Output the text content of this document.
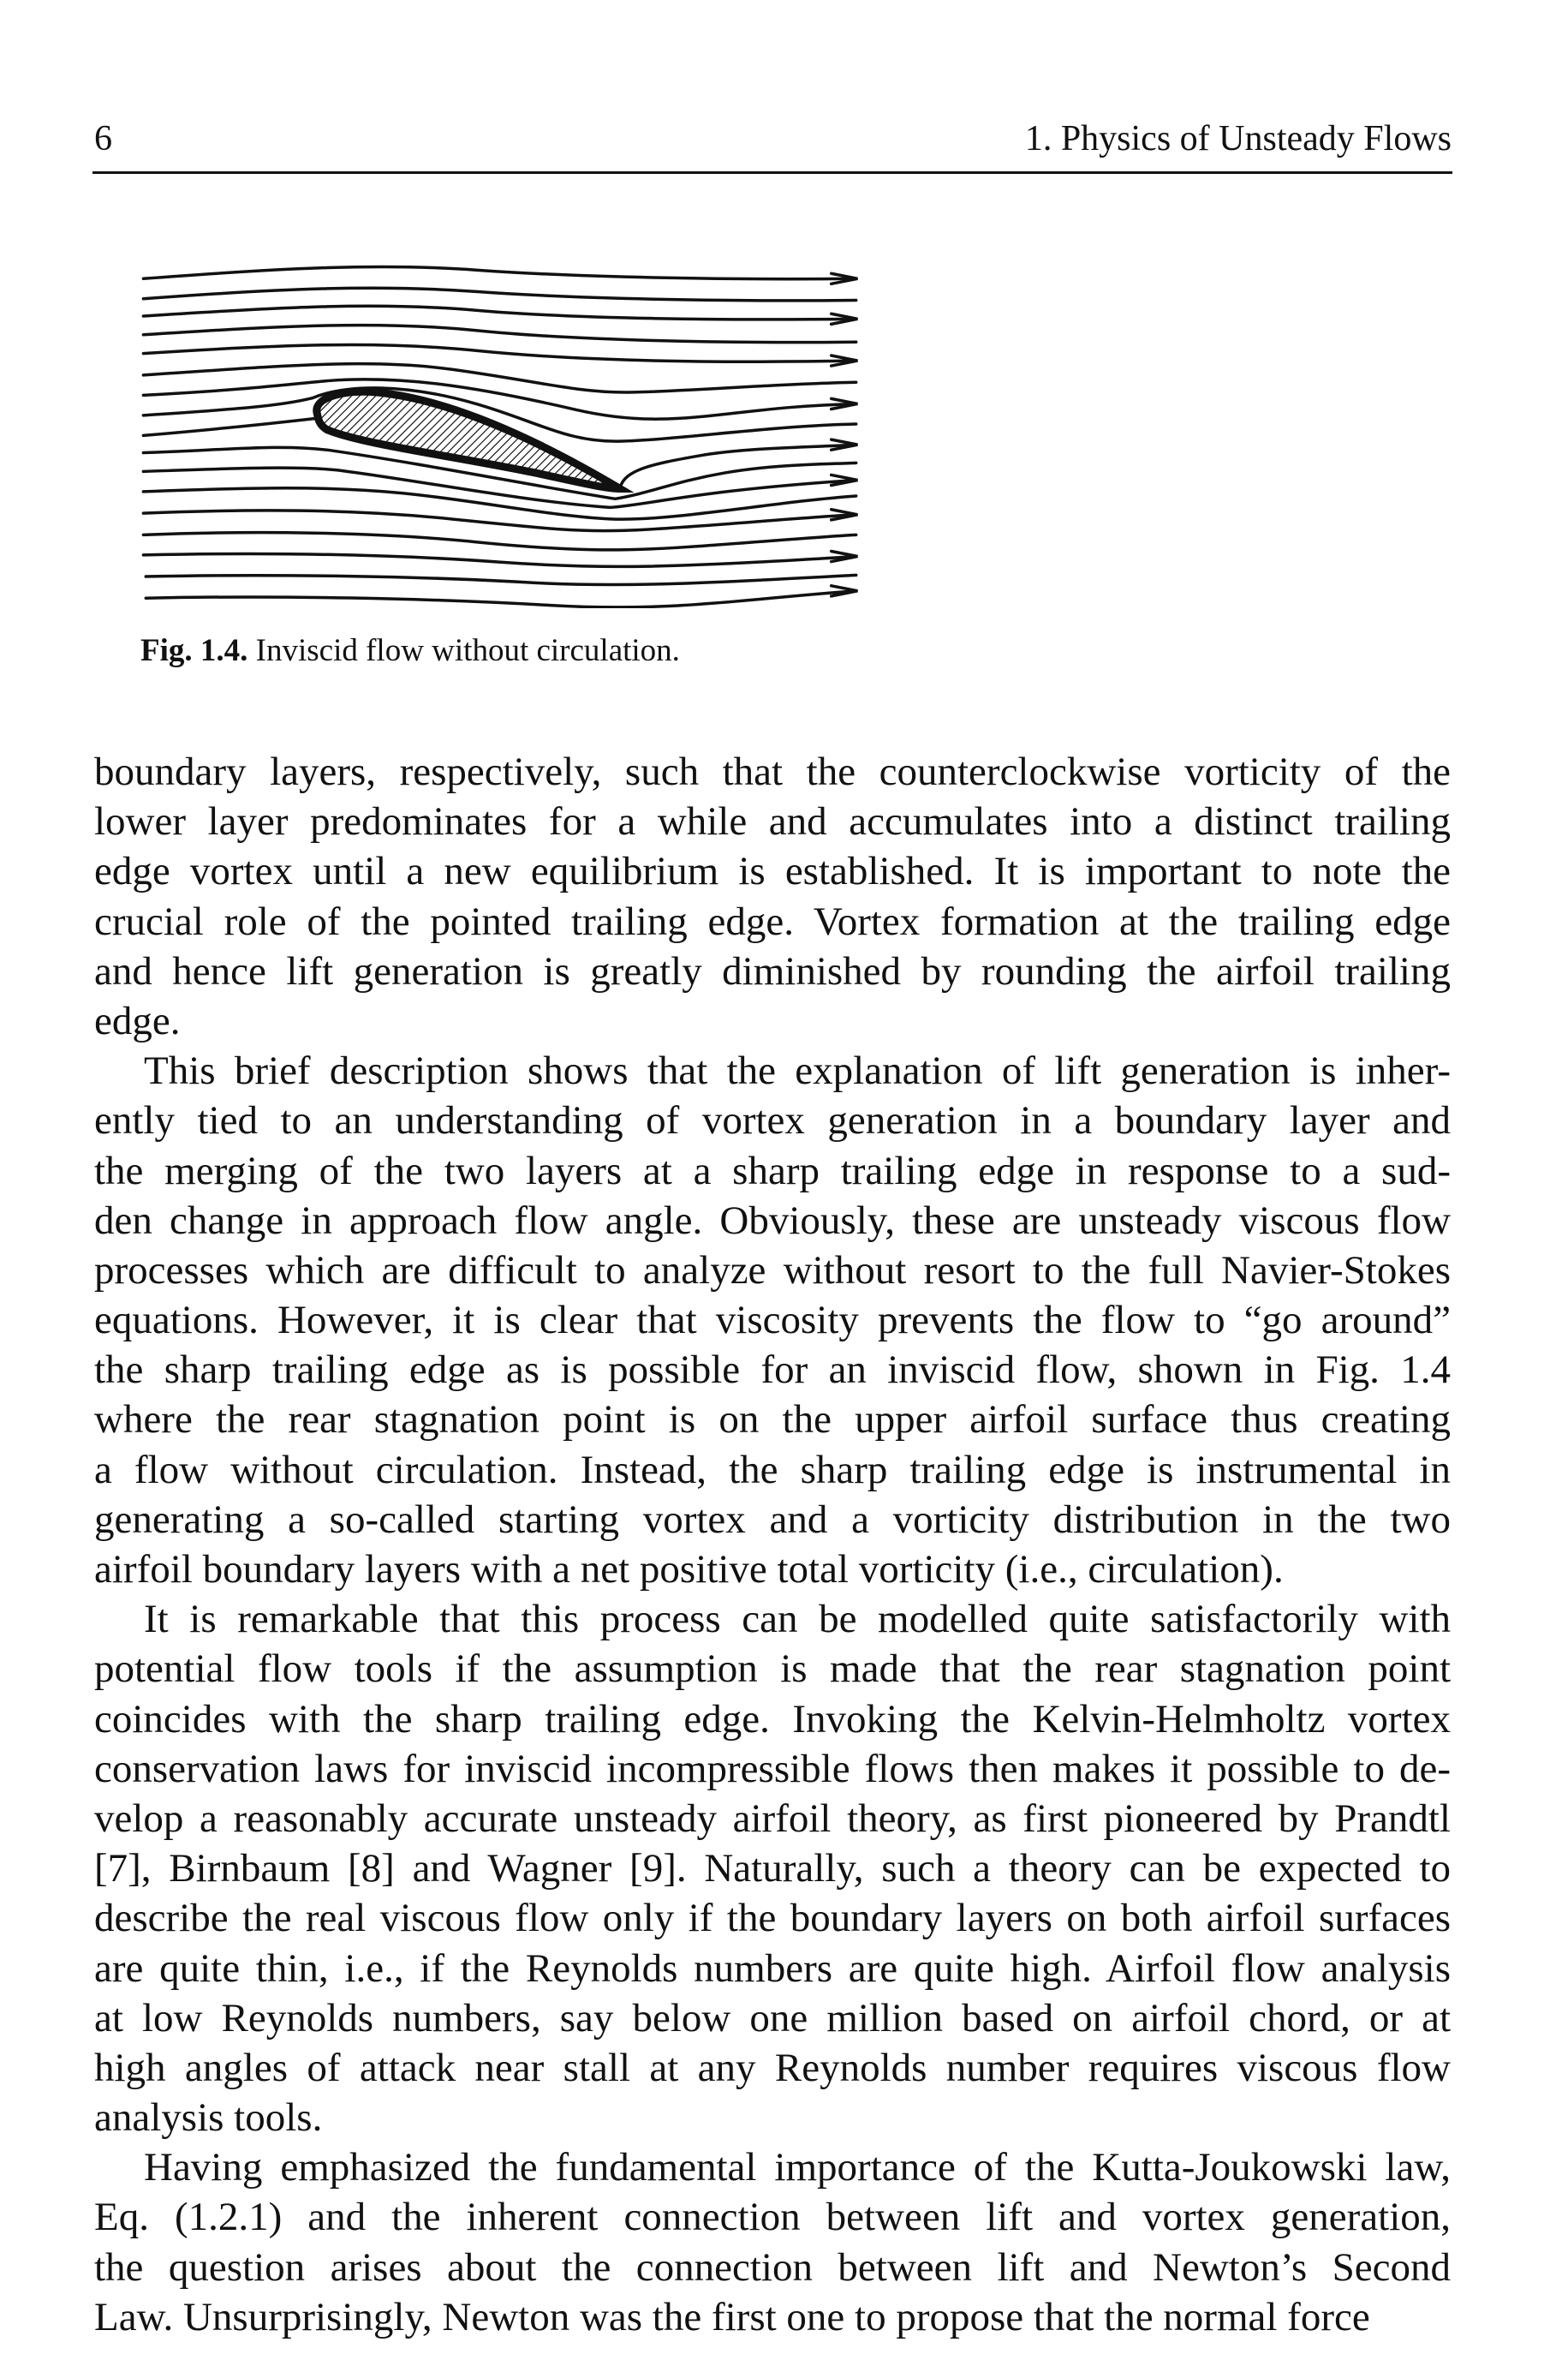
6	1. Physics of Unsteady Flows
Fig. 1.4. Inviscid flow without circulation.
boundary layers, respectively, such that the counterclockwise vorticity of the
lower layer predominates for a while and accumulates into a distinct trailing
edge vortex until a new equilibrium is established. It is important to note the
crucial role of the pointed trailing edge. Vortex formation at the trailing edge
and hence lift generation is greatly diminished by rounding the airfoil trailing
edge.
This brief description shows that the explanation of lift generation is inher-
ently tied to an understanding of vortex generation in a boundary layer and
the merging of the two layers at a sharp trailing edge in response to a sud-
den change in approach flow angle. Obviously, these are unsteady viscous flow
processes which are difficult to analyze without resort to the full Navier-Stokes
equations. However, it is clear that viscosity prevents the flow to “go around”
the sharp trailing edge as is possible for an inviscid flow, shown in Fig. 1.4
where the rear stagnation point is on the upper airfoil surface thus creating
a flow without circulation. Instead, the sharp trailing edge is instrumental in
generating a so-called starting vortex and a vorticity distribution in the two
airfoil boundary layers with a net positive total vorticity (i.e., circulation).
It is remarkable that this process can be modelled quite satisfactorily with
potential flow tools if the assumption is made that the rear stagnation point
coincides with the sharp trailing edge. Invoking the Kelvin-Helmholtz vortex
conservation laws for inviscid incompressible flows then makes it possible to de-
velop a reasonably accurate unsteady airfoil theory, as first pioneered by Prandtl
[7], Birnbaum [8] and Wagner [9]. Naturally, such a theory can be expected to
describe the real viscous flow only if the boundary layers on both airfoil surfaces
are quite thin, i.e., if the Reynolds numbers are quite high. Airfoil flow analysis
at low Reynolds numbers, say below one million based on airfoil chord, or at
high angles of attack near stall at any Reynolds number requires viscous flow
analysis tools.
Having emphasized the fundamental importance of the Kutta-Joukowski law,
Eq. (1.2.1) and the inherent connection between lift and vortex generation,
the question arises about the connection between lift and Newton’s Second
Law. Unsurprisingly, Newton was the first one to propose that the normal force
